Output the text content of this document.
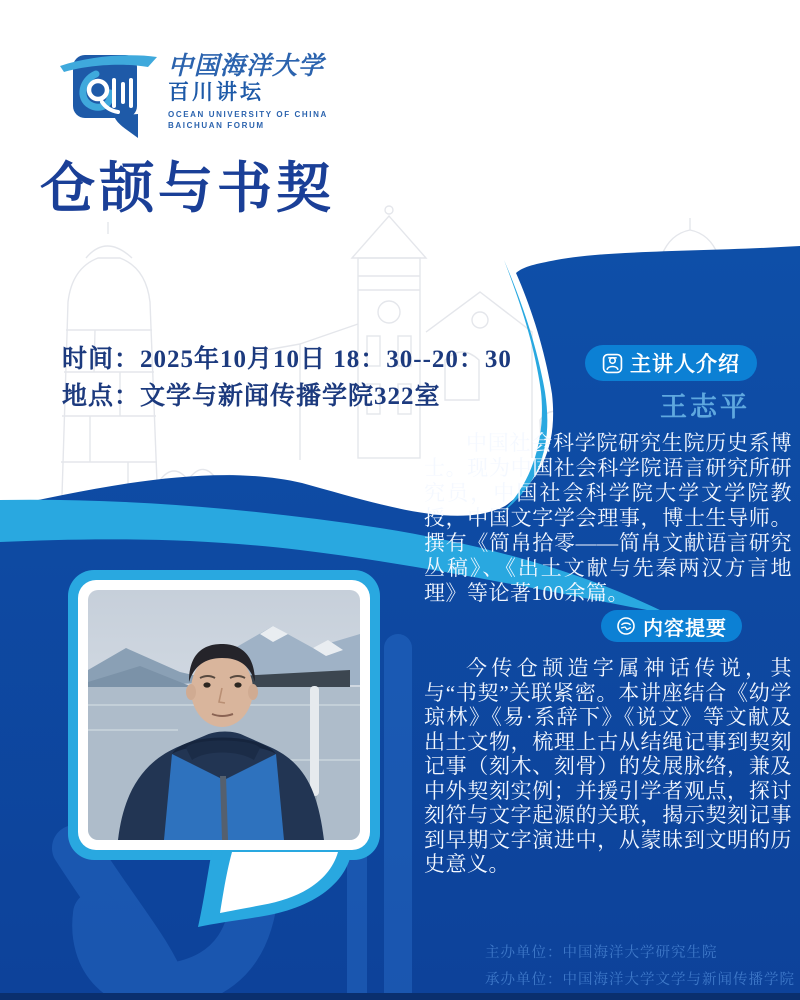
中国海洋大学
百川讲坛
OCEAN UNIVERSITY OF CHINA
BAICHUAN FORUM
仓颉与书契
时间：2025年10月10日 18：30--20：30
地点：文学与新闻传播学院322室
主讲人介绍
王志平

中国社会科学院研究生院历史系博士。现为中国社会科学院语言研究所研究员，中国社会科学院大学文学院教授，中国文字学会理事，博士生导师。撰有《简帛拾零——简帛文献语言研究丛稿》、《出土文献与先秦两汉方言地理》等论著100余篇。

内容提要

今传仓颉造字属神话传说，其与“书契”关联紧密。本讲座结合《幼学琼林》《易·系辞下》《说文》等文献及出土文物，梳理上古从结绳记事到契刻记事（刻木、刻骨）的发展脉络，兼及中外契刻实例；并援引学者观点，探讨刻符与文字起源的关联，揭示契刻记事到早期文字演进中，从蒙昧到文明的历史意义。

主办单位：中国海洋大学研究生院
承办单位：中国海洋大学文学与新闻传播学院
